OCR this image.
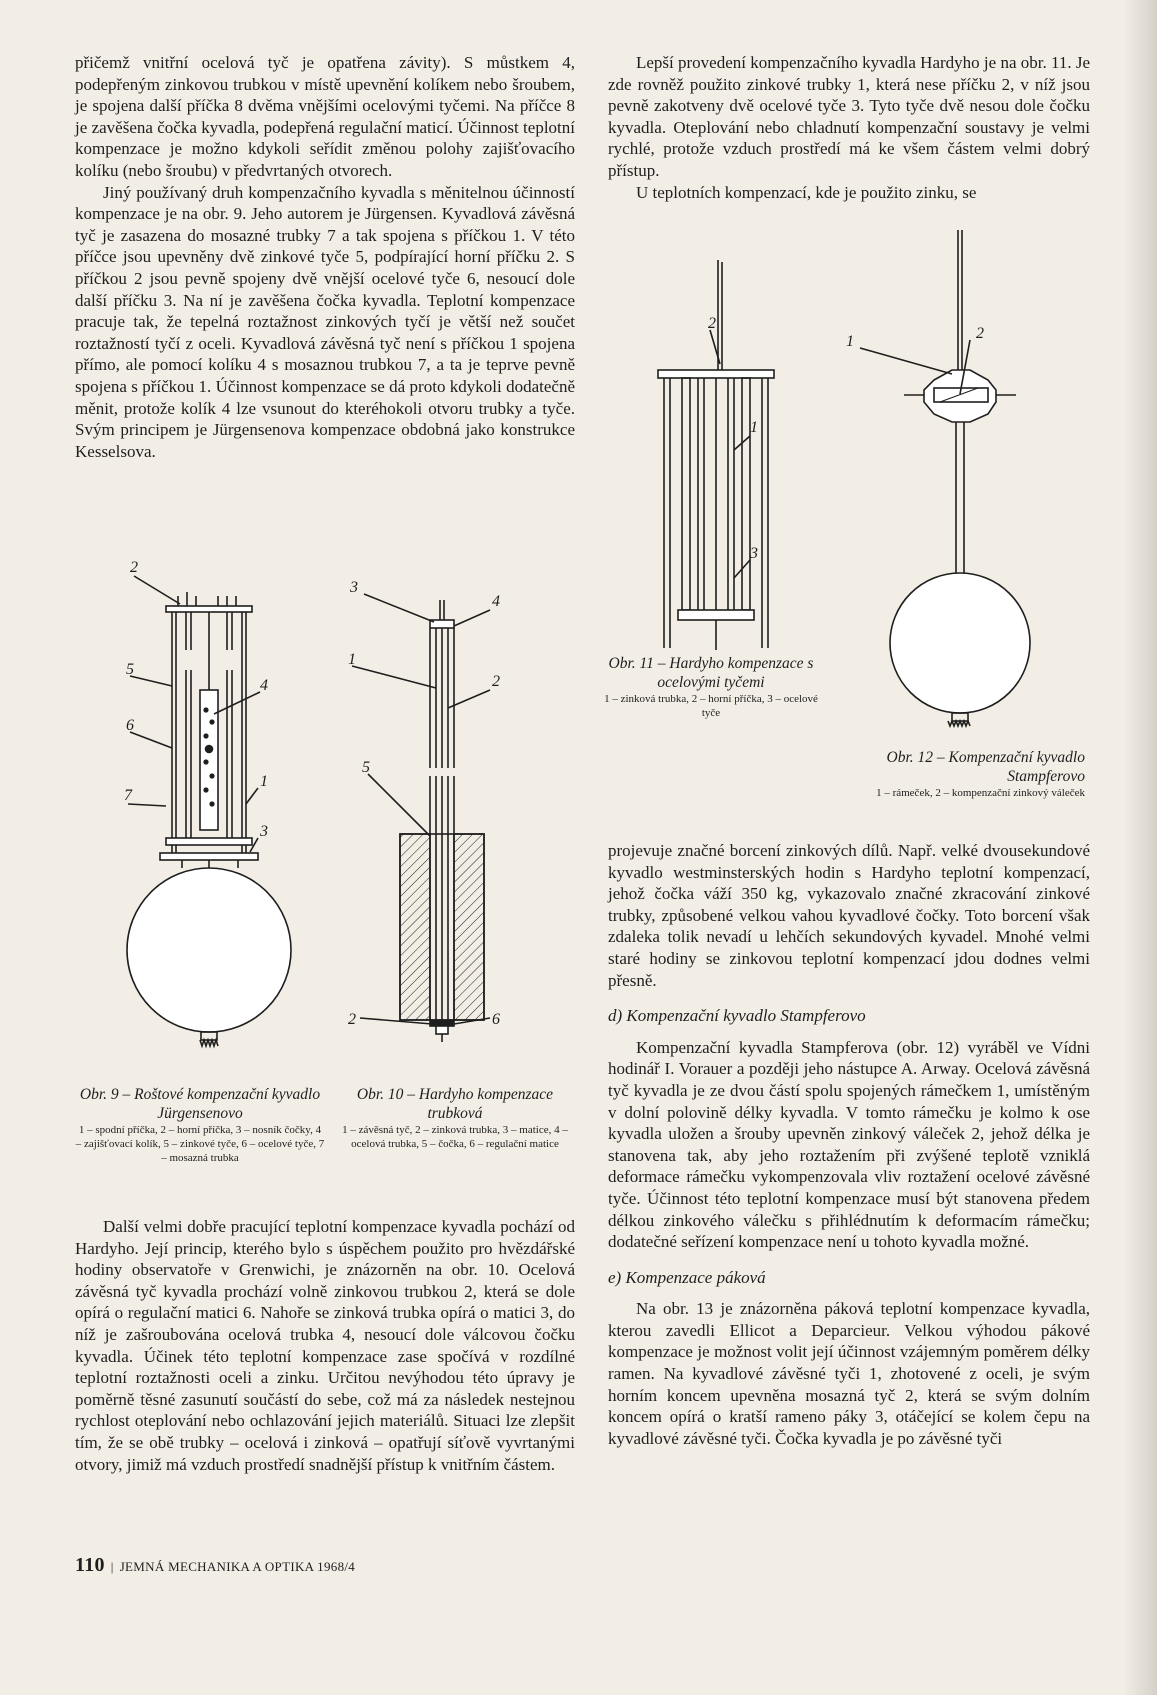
přičemž vnitřní ocelová tyč je opatřena závity). S můstkem 4, podepřeným zinkovou trubkou v místě upevnění kolíkem nebo šroubem, je spojena další příčka 8 dvěma vnějšími ocelovými tyčemi. Na příčce 8 je zavěšena čočka kyvadla, podepřená regulační maticí. Účinnost teplotní kompenzace je možno kdykoli seřídit změnou polohy zajišťovacího kolíku (nebo šroubu) v předvrtaných otvorech.

Jiný používaný druh kompenzačního kyvadla s měnitelnou účinností kompenzace je na obr. 9. Jeho autorem je Jürgensen. Kyvadlová závěsná tyč je zasazena do mosazné trubky 7 a tak spojena s příčkou 1. V této příčce jsou upevněny dvě zinkové tyče 5, podpírající horní příčku 2. S příčkou 2 jsou pevně spojeny dvě vnější ocelové tyče 6, nesoucí dole další příčku 3. Na ní je zavěšena čočka kyvadla. Teplotní kompenzace pracuje tak, že tepelná roztažnost zinkových tyčí je větší než součet roztažností tyčí z oceli. Kyvadlová závěsná tyč není s příčkou 1 spojena přímo, ale pomocí kolíku 4 s mosaznou trubkou 7, a ta je teprve pevně spojena s příčkou 1. Účinnost kompenzace se dá proto kdykoli dodatečně měnit, protože kolík 4 lze vsunout do kteréhokoli otvoru trubky a tyče. Svým principem je Jürgensenova kompenzace obdobná jako konstrukce Kesselsova.

2
5
4
6
7
1
3
3
4
1
2
5
2	6
Obr. 9 – Roštové kompenzační kyvadlo Jürgensenovo
1 – spodní příčka, 2 – horní příčka, 3 – nosník čočky, 4 – zajišťovací kolík, 5 – zinkové tyče, 6 – ocelové tyče, 7 – mosazná trubka
Obr. 10 – Hardyho kompenzace trubková
1 – závěsná tyč, 2 – zinková trubka, 3 – matice, 4 – ocelová trubka, 5 – čočka, 6 – regulační matice

Další velmi dobře pracující teplotní kompenzace kyvadla pochází od Hardyho. Její princip, kterého bylo s úspěchem použito pro hvězdářské hodiny observatoře v Grenwichi, je znázorněn na obr. 10. Ocelová závěsná tyč kyvadla prochází volně zinkovou trubkou 2, která se dole opírá o regulační matici 6. Nahoře se zinková trubka opírá o matici 3, do níž je zašroubována ocelová trubka 4, nesoucí dole válcovou čočku kyvadla. Účinek této teplotní kompenzace zase spočívá v rozdílné teplotní roztažnosti oceli a zinku. Určitou nevýhodou této úpravy je poměrně těsné zasunutí součástí do sebe, což má za následek nestejnou rychlost oteplování nebo ochlazování jejich materiálů. Situaci lze zlepšit tím, že se obě trubky – ocelová i zinková – opatřují síťově vyvrtanými otvory, jimiž má vzduch prostředí snadnější přístup k vnitřním částem.

Lepší provedení kompenzačního kyvadla Hardyho je na obr. 11. Je zde rovněž použito zinkové trubky 1, která nese příčku 2, v níž jsou pevně zakotveny dvě ocelové tyče 3. Tyto tyče dvě nesou dole čočku kyvadla. Oteplování nebo chladnutí kompenzační soustavy je velmi rychlé, protože vzduch prostředí má ke všem částem velmi dobrý přístup.

U teplotních kompenzací, kde je použito zinku, se

2
1
3
1	2
Obr. 11 – Hardyho kompenzace s ocelovými tyčemi
1 – zinková trubka, 2 – horní příčka, 3 – ocelové tyče
Obr. 12 – Kompenzační kyvadlo Stampferovo
1 – rámeček, 2 – kompenzační zinkový váleček

projevuje značné borcení zinkových dílů. Např. velké dvousekundové kyvadlo westminsterských hodin s Hardyho teplotní kompenzací, jehož čočka váží 350 kg, vykazovalo značné zkracování zinkové trubky, způsobené velkou vahou kyvadlové čočky. Toto borcení však zdaleka tolik nevadí u lehčích sekundových kyvadel. Mnohé velmi staré hodiny se zinkovou teplotní kompenzací jdou dodnes velmi přesně.

d) Kompenzační kyvadlo Stampferovo

Kompenzační kyvadla Stampferova (obr. 12) vyráběl ve Vídni hodinář I. Vorauer a později jeho nástupce A. Arway. Ocelová závěsná tyč kyvadla je ze dvou částí spolu spojených rámečkem 1, umístěným v dolní polovině délky kyvadla. V tomto rámečku je kolmo k ose kyvadla uložen a šrouby upevněn zinkový váleček 2, jehož délka je stanovena tak, aby jeho roztažením při zvýšené teplotě vzniklá deformace rámečku vykompenzovala vliv roztažení ocelové závěsné tyče. Účinnost této teplotní kompenzace musí být stanovena předem délkou zinkového válečku s přihlédnutím k deformacím rámečku; dodatečné seřízení kompenzace není u tohoto kyvadla možné.

e) Kompenzace páková

Na obr. 13 je znázorněna páková teplotní kompenzace kyvadla, kterou zavedli Ellicot a Deparcieur. Velkou výhodou pákové kompenzace je možnost volit její účinnost vzájemným poměrem délky ramen. Na kyvadlové závěsné tyči 1, zhotovené z oceli, je svým horním koncem upevněna mosazná tyč 2, která se svým dolním koncem opírá o kratší rameno páky 3, otáčející se kolem čepu na kyvadlové závěsné tyči. Čočka kyvadla je po závěsné tyči

110 | JEMNÁ MECHANIKA A OPTIKA 1968/4
